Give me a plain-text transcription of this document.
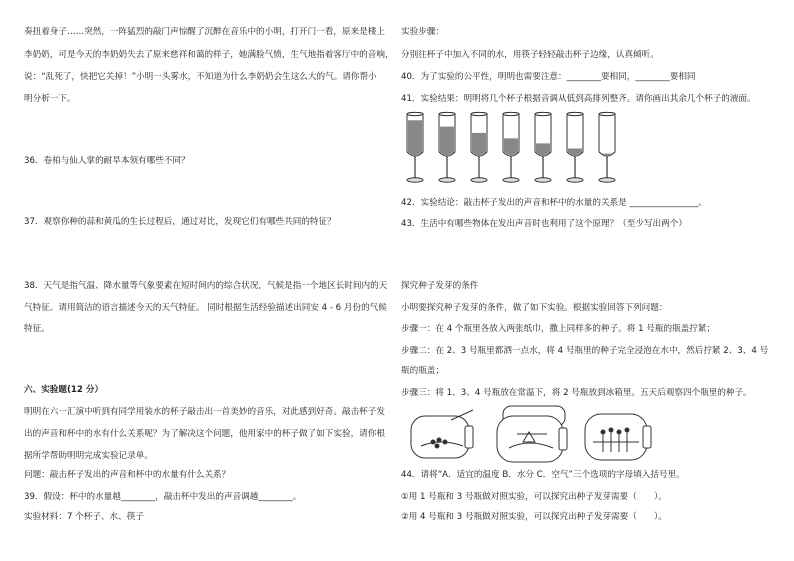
奏扭着身子……突然，一阵猛烈的敲门声惊醒了沉醉在音乐中的小明，打开门一看，原来是楼上
李奶奶，可是今天的李奶奶失去了原来慈祥和蔼的样子，她满脸气愤，生气地指着客厅中的音响，
说：“乱死了，快把它关掉！”小明一头雾水，不知道为什么李奶奶会生这么大的气。请你帮小
明分析一下。
36．卷柏与仙人掌的耐旱本领有哪些不同？
37．观察你种的蒜和黄瓜的生长过程后，通过对比，发现它们有哪些共同的特征？
38．天气是指气温、降水量等气象要素在短时间内的综合状况，气候是指一个地区长时间内的天
气特征。请用简洁的语言描述今天的天气特征。 同时根据生活经验描述出同安 4 - 6 月份的气候
特征。
六、实验题(12 分）
明明在六一汇演中听到有同学用装水的杯子敲击出一首美妙的音乐，对此感到好奇。敲击杯子发
出的声音和杯中的水有什么关系呢？为了解决这个问题，他用家中的杯子做了如下实验，请你根
据所学帮助明明完成实验记录单。
问题：敲击杯子发出的声音和杯中的水量有什么关系？
39．假设：杯中的水量越________，敲击杯中发出的声音调越________。
实验材料：7 个杯子、水、筷子
实验步骤：
分别往杯子中加入不同的水，用筷子轻轻敲击杯子边缘，认真倾听。
40．为了实验的公平性，明明也需要注意：________要相同，________要相同
41．实验结果：明明将几个杯子根据音调从低到高排列整齐。请你画出其余几个杯子的液面。
42．实验结论：敲击杯子发出的声音和杯中的水量的关系是 ________________。
43．生活中有哪些物体在发出声音时也利用了这个原理？（至少写出两个）
探究种子发芽的条件
小明要探究种子发芽的条件，做了如下实验。根据实验回答下列问题：
步骤一：在 4 个瓶里各放入两张纸巾，撒上同样多的种子。将 1 号瓶的瓶盖拧紧；
步骤二：在 2、3 号瓶里都洒一点水，将 4 号瓶里的种子完全浸泡在水中，然后拧紧 2、3、4 号
瓶的瓶盖；
步骤三：将 1、3、4 号瓶放在常温下，将 2 号瓶放到冰箱里。五天后观察四个瓶里的种子。
44．请将“A．适宜的温度 B．水分 C．空气”三个选项的字母填入括号里。
①用 1 号瓶和 3 号瓶做对照实验，可以探究出种子发芽需要（　　）。
②用 4 号瓶和 3 号瓶做对照实验，可以探究出种子发芽需要（　　）。
